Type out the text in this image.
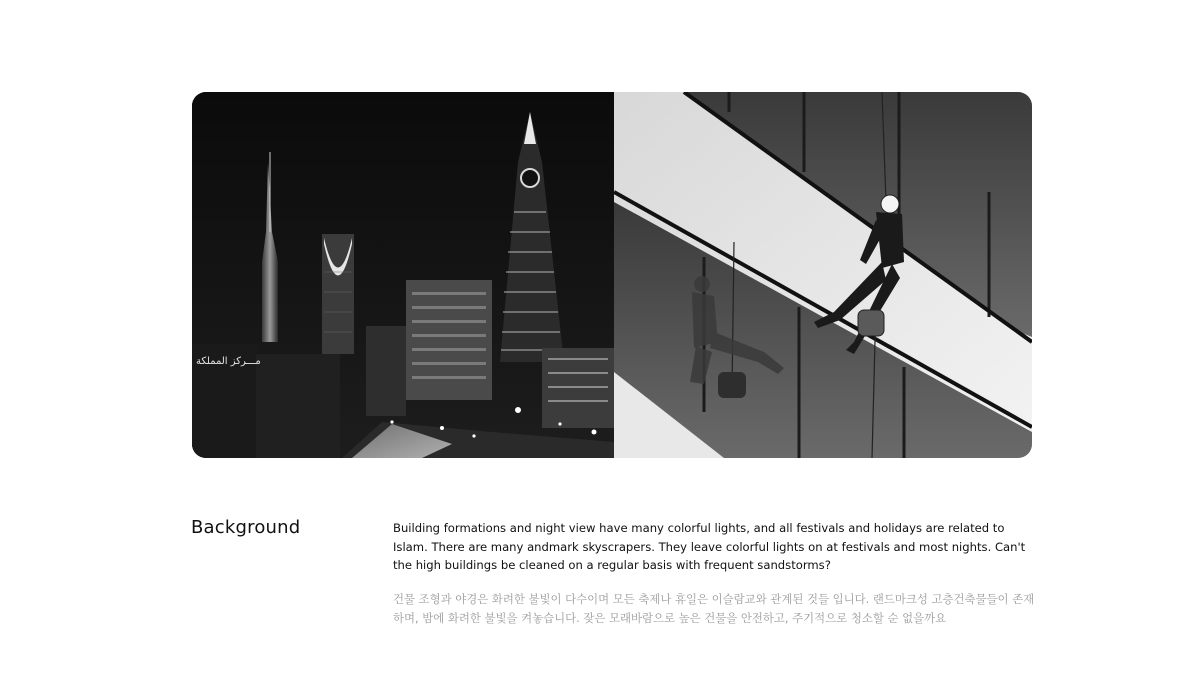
مـــركز المملكة
Background	Building formations and night view have many colorful lights, and all festivals and holidays are related to Islam. There are many andmark skyscrapers. They leave colorful lights on at festivals and most nights. Can't the high buildings be cleaned on a regular basis with frequent sandstorms?

건물 조형과 야경은 화려한 불빛이 다수이며 모든 축제나 휴일은 이슬람교와 관계된 것들 입니다. 랜드마크성 고층건축물들이 존재하며, 밤에 화려한 불빛을 켜놓습니다. 잦은 모래바람으로 높은 건물을 안전하고, 주기적으로 청소할 순 없을까요
